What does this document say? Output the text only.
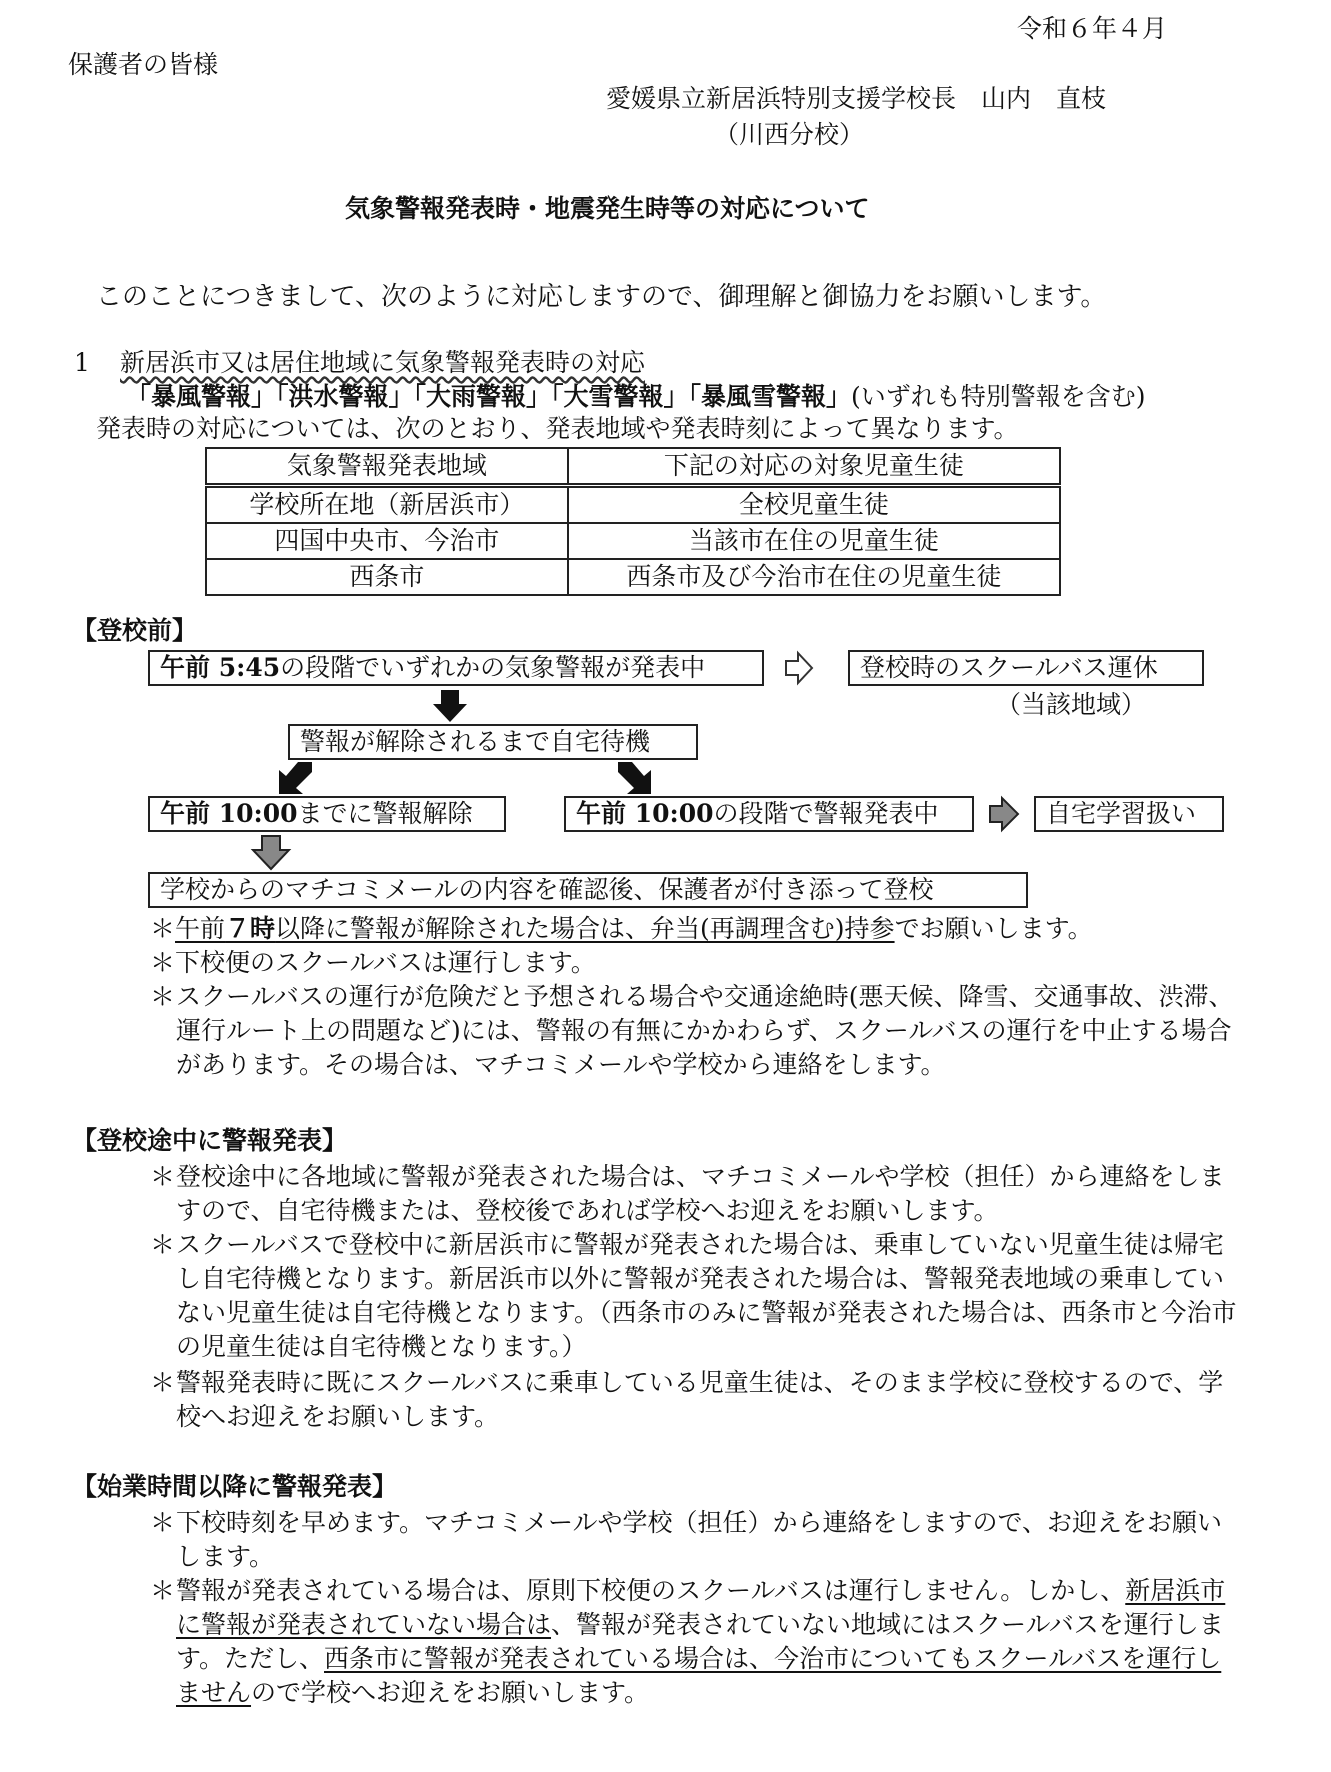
令和６年４月
保護者の皆様
愛媛県立新居浜特別支援学校長　山内　直枝
（川西分校）
気象警報発表時・地震発生時等の対応について
このことにつきまして、次のように対応しますので、御理解と御協力をお願いします。
1 新居浜市又は居住地域に気象警報発表時の対応
「暴風警報」「洪水警報」「大雨警報」「大雪警報」「暴風雪警報」(いずれも特別警報を含む)
発表時の対応については、次のとおり、発表地域や発表時刻によって異なります。
気象警報発表地域	下記の対応の対象児童生徒
学校所在地（新居浜市）	全校児童生徒
四国中央市、今治市	当該市在住の児童生徒
西条市	西条市及び今治市在住の児童生徒
【登校前】
午前 5:45 の段階でいずれかの気象警報が発表中	登校時のスクールバス運休
（当該地域）
警報が解除されるまで自宅待機
午前 10:00 までに警報解除	午前 10:00 の段階で警報発表中	自宅学習扱い
学校からのマチコミメールの内容を確認後、保護者が付き添って登校
＊午前７時以降に警報が解除された場合は、弁当(再調理含む)持参でお願いします。
＊下校便のスクールバスは運行します。
＊ スクールバスの運行が危険だと予想される場合や交通途絶時(悪天候、降雪、交通事故、渋滞、運行ルート上の問題など)には、警報の有無にかかわらず、スクールバスの運行を中止する場合があります。その場合は、マチコミメールや学校から連絡をします。
【登校途中に警報発表】
＊ 登校途中に各地域に警報が発表された場合は、マチコミメールや学校（担任）から連絡をしますので、自宅待機または、登校後であれば学校へお迎えをお願いします。
＊ スクールバスで登校中に新居浜市に警報が発表された場合は、乗車していない児童生徒は帰宅し自宅待機となります。新居浜市以外に警報が発表された場合は、警報発表地域の乗車していない児童生徒は自宅待機となります。（西条市のみに警報が発表された場合は、西条市と今治市の児童生徒は自宅待機となります。）
＊ 警報発表時に既にスクールバスに乗車している児童生徒は、そのまま学校に登校するので、学校へお迎えをお願いします。
【始業時間以降に警報発表】
＊ 下校時刻を早めます。マチコミメールや学校（担任）から連絡をしますので、お迎えをお願いします。
＊ 警報が発表されている場合は、原則下校便のスクールバスは運行しません。しかし、新居浜市に警報が発表されていない場合は、警報が発表されていない地域にはスクールバスを運行します。ただし、西条市に警報が発表されている場合は、今治市についてもスクールバスを運行しませんので学校へお迎えをお願いします。
